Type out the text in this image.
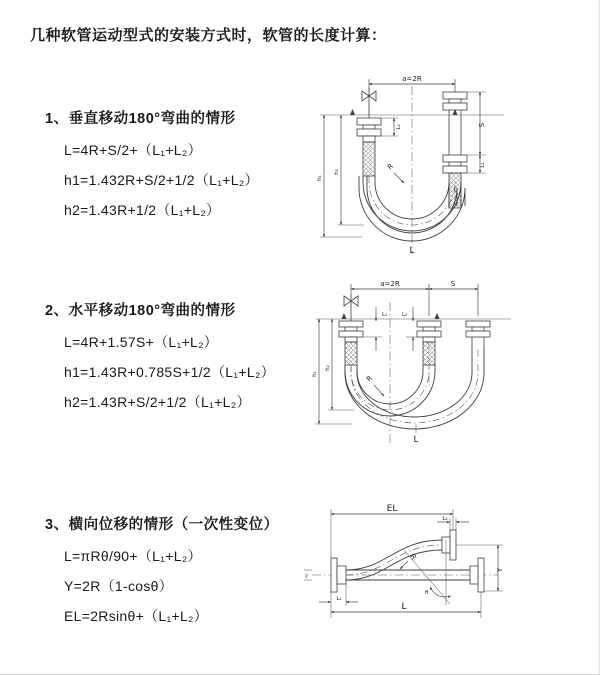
几种软管运动型式的安装方式时，软管的长度计算：
1、垂直移动180°弯曲的情形
L=4R+S/2+（L₁+L₂）
h1=1.432R+S/2+1/2（L₁+L₂）
h2=1.43R+1/2（L₁+L₂）
2、水平移动180°弯曲的情形
L=4R+1.57S+（L₁+L₂）
h1=1.43R+0.785S+1/2（L₁+L₂）
h2=1.43R+S/2+1/2（L₁+L₂）
3、横向位移的情形（一次性变位）
L=πRθ/90+（L₁+L₂）
Y=2R（1-cosθ）
EL=2Rsinθ+（L₁+L₂）
a=2R
R
h₁
h₂
L₁	S
L₂
L
a=2R	S
L₁	L₂
R
h₁
h₂
L
z
R
θ
EL
L₂
Y
L₁
L
